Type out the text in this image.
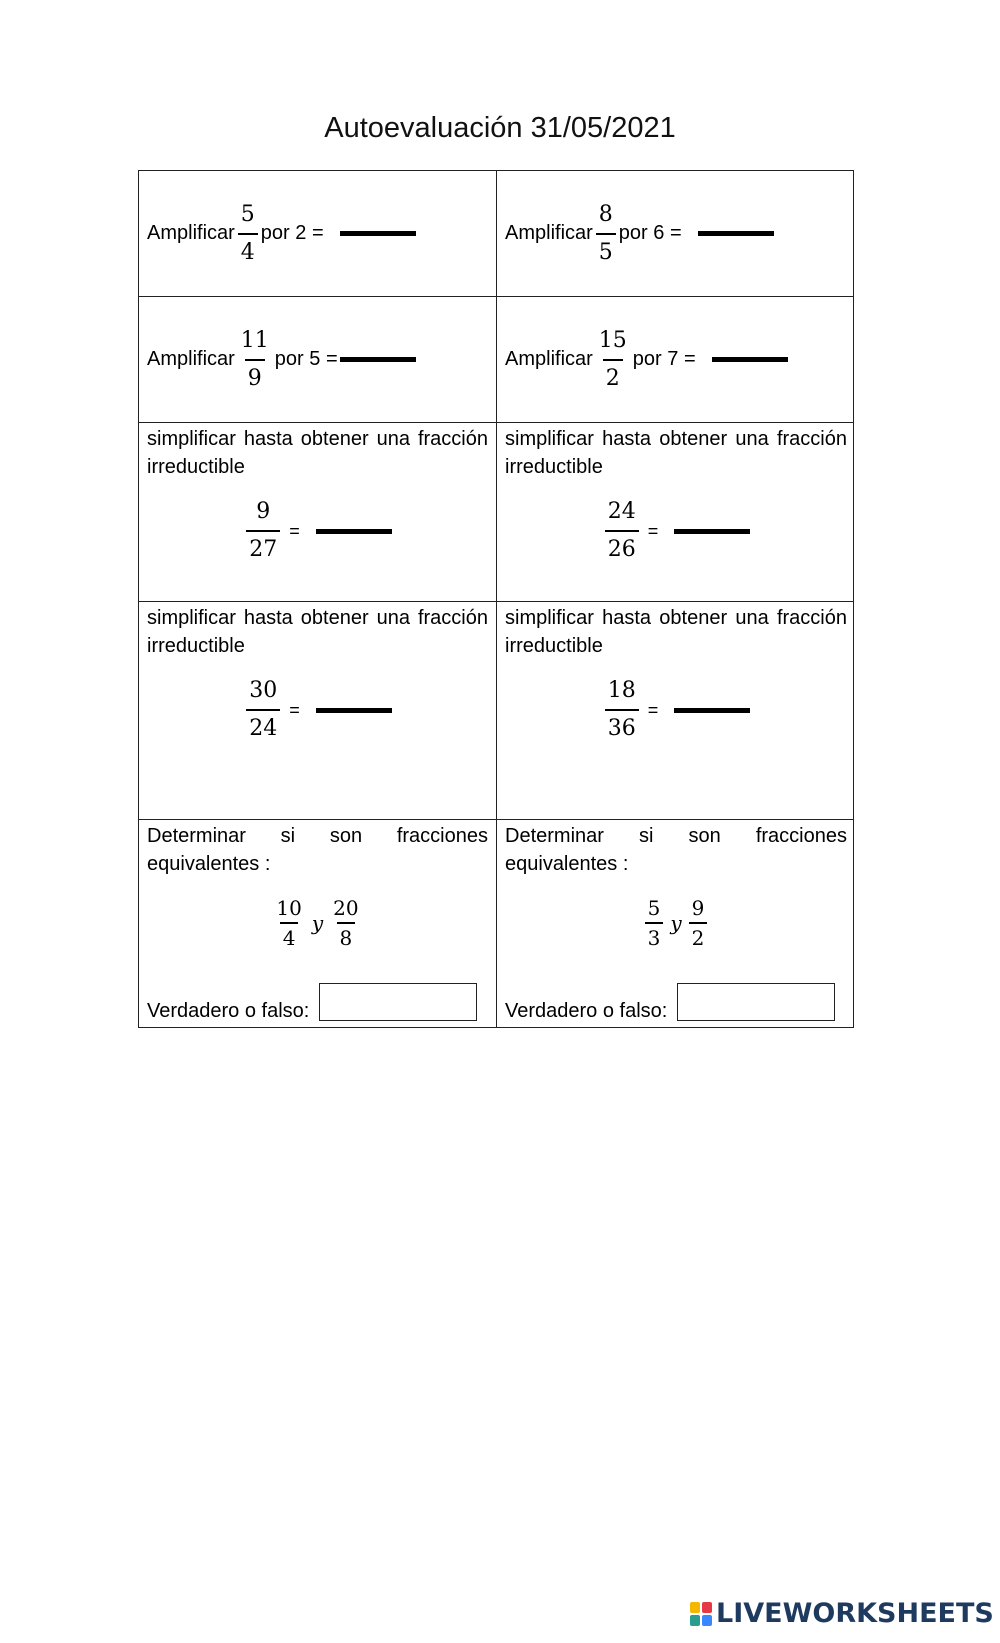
Autoevaluación 31/05/2021
Amplificar $\frac{5}{4}$ por 2 =	Amplificar $\frac{8}{5}$ por 6 =
Amplificar $\frac{11}{9}$ por 5 =	Amplificar $\frac{15}{2}$ por 7 =
simplificar hasta obtener una fracción irreductible
$\frac{9}{27}$ =
simplificar hasta obtener una fracción irreductible
$\frac{24}{26}$ =
simplificar hasta obtener una fracción irreductible
$\frac{30}{24}$ =
simplificar hasta obtener una fracción irreductible
$\frac{18}{36}$ =
Determinar si son fracciones equivalentes :
$\frac{10}{4}$ y $\frac{20}{8}$
Verdadero o falso:
Determinar si son fracciones equivalentes :
$\frac{5}{3}$ y $\frac{9}{2}$
Verdadero o falso:
LIVEWORKSHEETS
